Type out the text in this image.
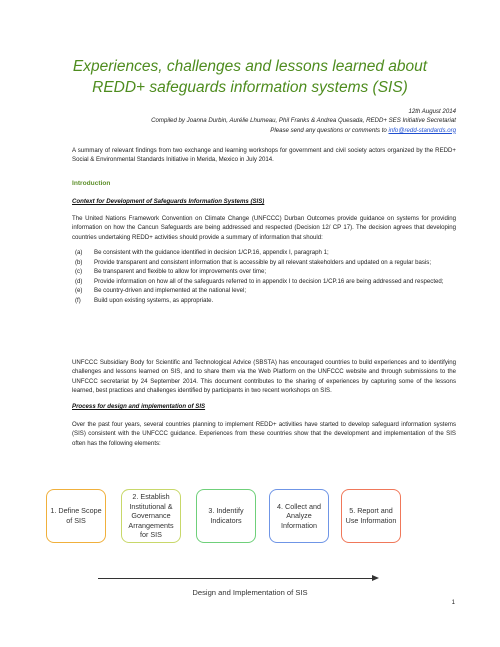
Experiences, challenges and lessons learned about
REDD+ safeguards information systems (SIS)
12th August 2014
Compiled by Joanna Durbin, Aurélie Lhumeau, Phil Franks & Andrea Quesada, REDD+ SES Initiative Secretariat
Please send any questions or comments to info@redd-standards.org
A summary of relevant findings from two exchange and learning workshops for government and civil society actors organized by the REDD+ Social & Environmental Standards Initiative in Merida, Mexico in July 2014.
Introduction
Context for Development of Safeguards Information Systems (SIS)
The United Nations Framework Convention on Climate Change (UNFCCC) Durban Outcomes provide guidance on systems for providing information on how the Cancun Safeguards are being addressed and respected (Decision 12/ CP 17). The decision agrees that developing countries undertaking REDD+ activities should provide a summary of information that should:
(a) Be consistent with the guidance identified in decision 1/CP.16, appendix I, paragraph 1;
(b) Provide transparent and consistent information that is accessible by all relevant stakeholders and updated on a regular basis;
(c) Be transparent and flexible to allow for improvements over time;
(d) Provide information on how all of the safeguards referred to in appendix I to decision 1/CP.16 are being addressed and respected;
(e) Be country-driven and implemented at the national level;
(f) Build upon existing systems, as appropriate.
UNFCCC Subsidiary Body for Scientific and Technological Advice (SBSTA) has encouraged countries to build experiences and to identifying challenges and lessons learned on SIS, and to share them via the Web Platform on the UNFCCC website and through submissions to the UNFCCC secretariat by 24 September 2014. This document contributes to the sharing of experiences by capturing some of the lessons learned, best practices and challenges identified by participants in two recent workshops on SIS.
Process for design and implementation of SIS
Over the past four years, several countries planning to implement REDD+ activities have started to develop safeguard information systems (SIS) consistent with the UNFCCC guidance. Experiences from these countries show that the development and implementation of the SIS often has the following elements:
1. Define Scope of SIS
2. Establish Institutional & Governance Arrangements for SIS
3. Indentify Indicators
4. Collect and Analyze Information
5. Report and Use Information
Design and Implementation of SIS
1
